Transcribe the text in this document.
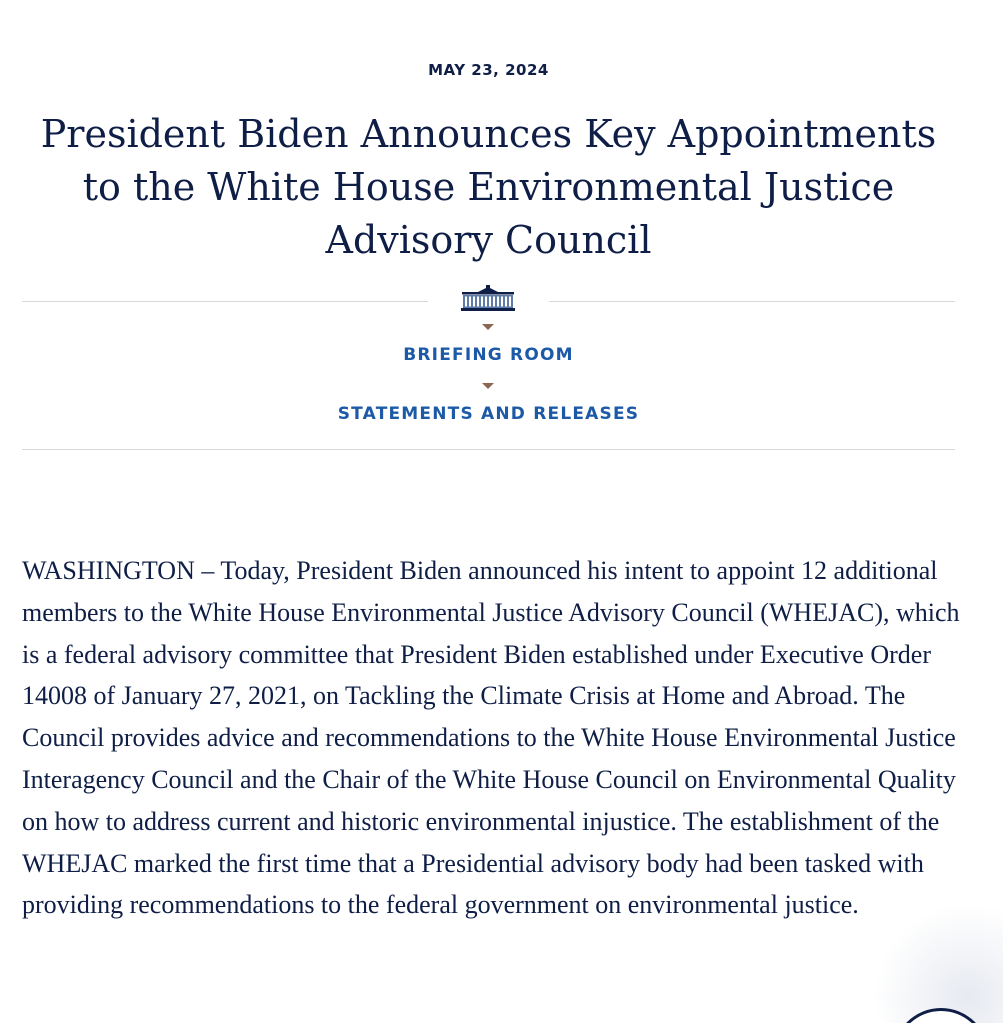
MAY 23, 2024
President Biden Announces Key Appointments to the White House Environmental Justice Advisory Council
BRIEFING ROOM
STATEMENTS AND RELEASES

WASHINGTON – Today, President Biden announced his intent to appoint 12 additional members to the White House Environmental Justice Advisory Council (WHEJAC), which is a federal advisory committee that President Biden established under Executive Order 14008 of January 27, 2021, on Tackling the Climate Crisis at Home and Abroad. The Council provides advice and recommendations to the White House Environmental Justice Interagency Council and the Chair of the White House Council on Environmental Quality on how to address current and historic environmental injustice. The establishment of the WHEJAC marked the first time that a Presidential advisory body had been tasked with providing recommendations to the federal government on environmental justice.
